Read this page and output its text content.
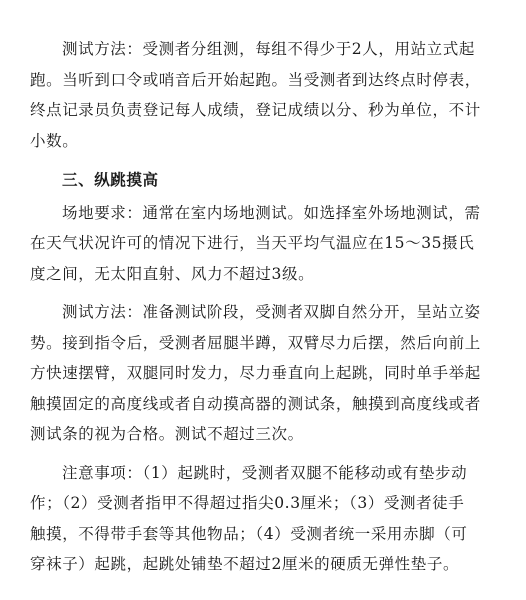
测试方法：受测者分组测，每组不得少于2人，用站立式起
跑。当听到口令或哨音后开始起跑。当受测者到达终点时停表，
终点记录员负责登记每人成绩，登记成绩以分、秒为单位，不计
小数。
三、纵跳摸高
场地要求：通常在室内场地测试。如选择室外场地测试，需
在天气状况许可的情况下进行，当天平均气温应在15～35摄氏
度之间，无太阳直射、风力不超过3级。
测试方法：准备测试阶段，受测者双脚自然分开，呈站立姿
势。接到指令后，受测者屈腿半蹲，双臂尽力后摆，然后向前上
方快速摆臂，双腿同时发力，尽力垂直向上起跳，同时单手举起
触摸固定的高度线或者自动摸高器的测试条，触摸到高度线或者
测试条的视为合格。测试不超过三次。
注意事项：（1）起跳时，受测者双腿不能移动或有垫步动
作；（2）受测者指甲不得超过指尖0.3厘米；（3）受测者徒手
触摸，不得带手套等其他物品；（4）受测者统一采用赤脚（可
穿袜子）起跳，起跳处铺垫不超过2厘米的硬质无弹性垫子。
